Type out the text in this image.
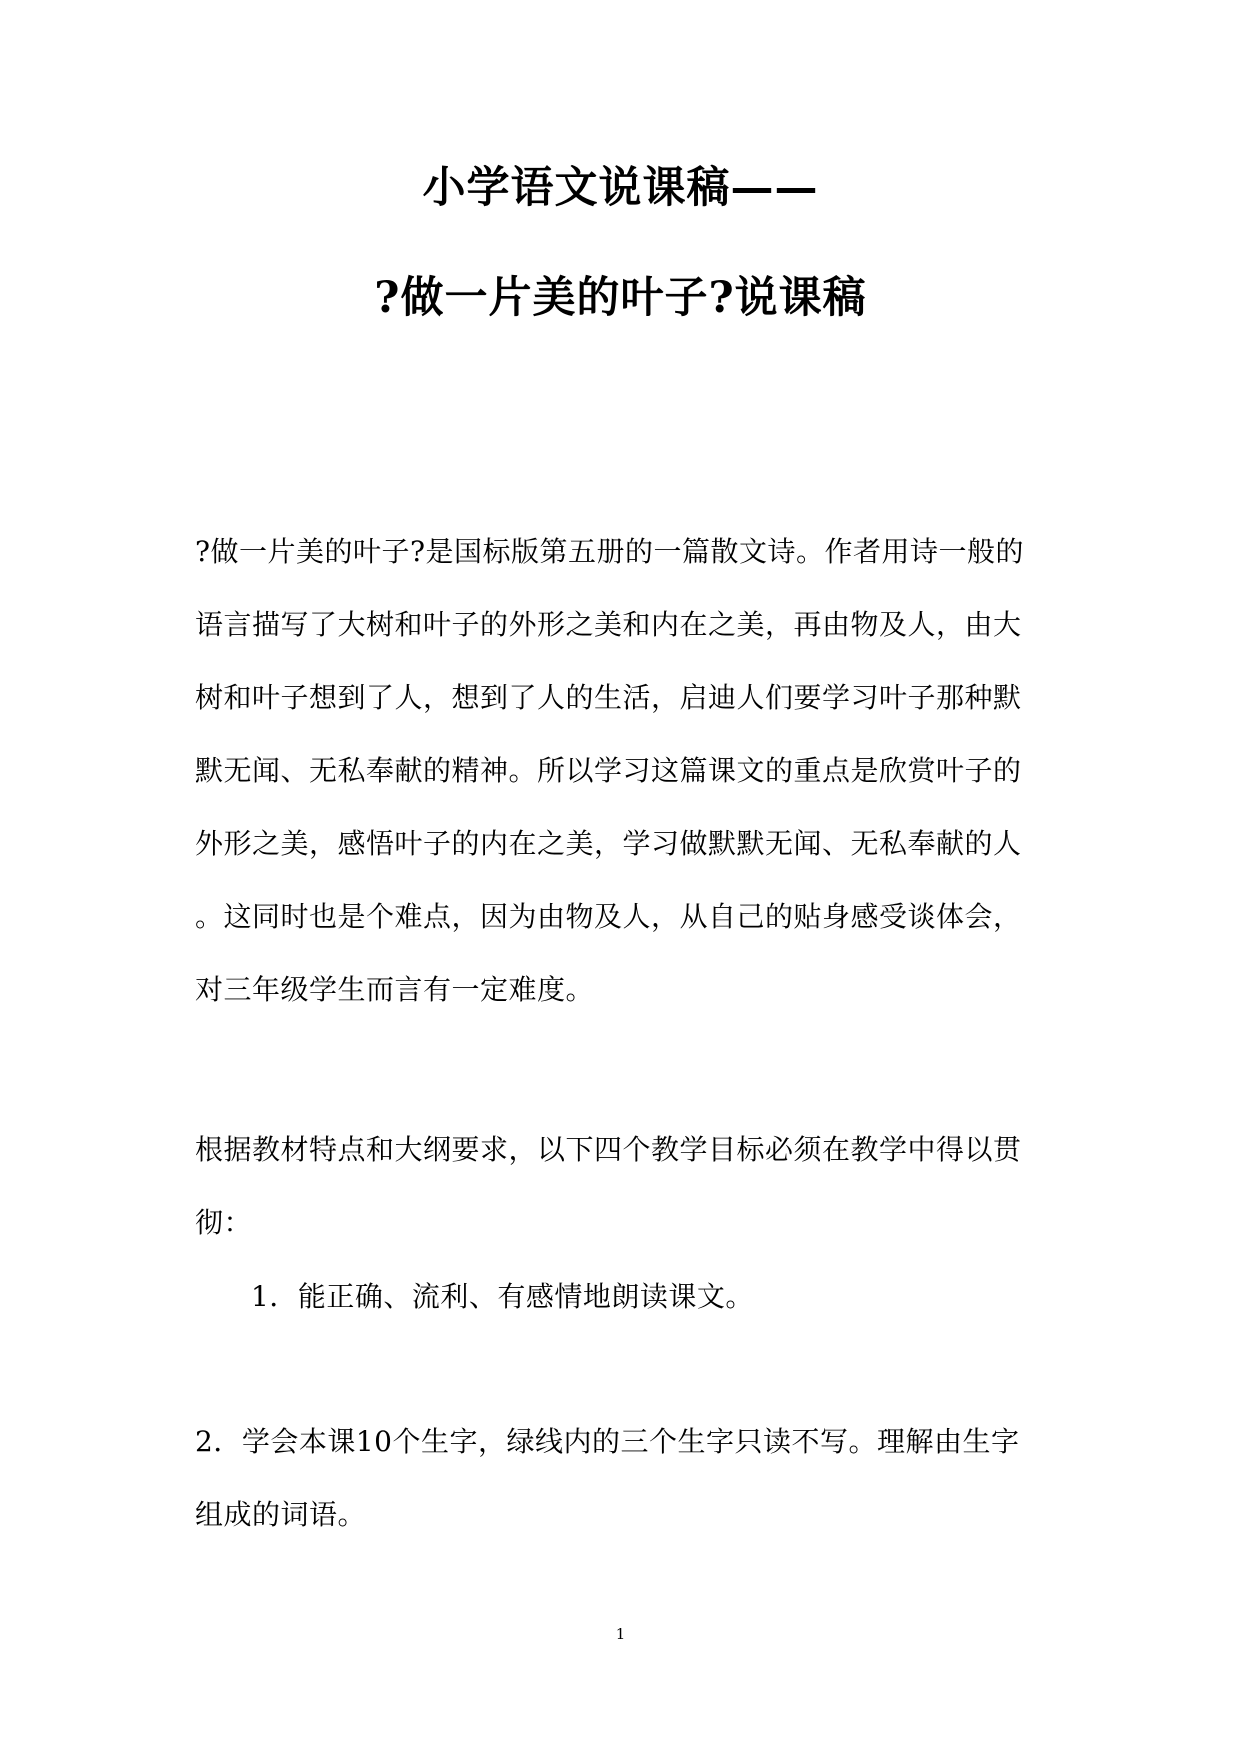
小学语文说课稿——
?做一片美的叶子?说课稿
?做一片美的叶子?是国标版第五册的一篇散文诗。作者用诗一般的
语言描写了大树和叶子的外形之美和内在之美，再由物及人，由大
树和叶子想到了人，想到了人的生活，启迪人们要学习叶子那种默
默无闻、无私奉献的精神。所以学习这篇课文的重点是欣赏叶子的
外形之美，感悟叶子的内在之美，学习做默默无闻、无私奉献的人
。这同时也是个难点，因为由物及人，从自己的贴身感受谈体会，
对三年级学生而言有一定难度。
根据教材特点和大纲要求，以下四个教学目标必须在教学中得以贯
彻：
1．能正确、流利、有感情地朗读课文。
2．学会本课10个生字，绿线内的三个生字只读不写。理解由生字
组成的词语。
1
